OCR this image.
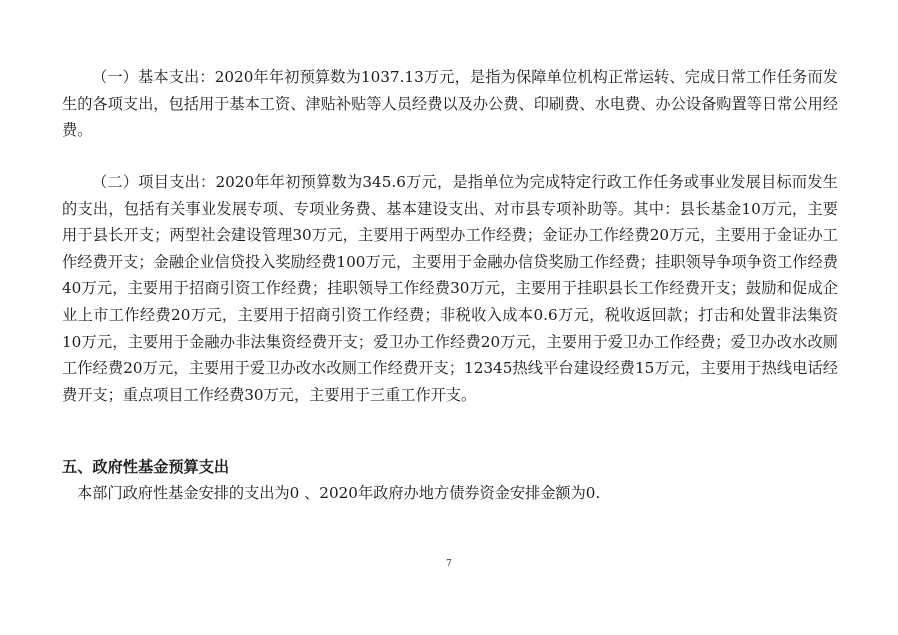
（一）基本支出：2020年年初预算数为1037.13万元，是指为保障单位机构正常运转、完成日常工作任务而发生的各项支出，包括用于基本工资、津贴补贴等人员经费以及办公费、印刷费、水电费、办公设备购置等日常公用经费。

（二）项目支出：2020年年初预算数为345.6万元，是指单位为完成特定行政工作任务或事业发展目标而发生的支出，包括有关事业发展专项、专项业务费、基本建设支出、对市县专项补助等。其中：县长基金10万元，主要用于县长开支；两型社会建设管理30万元，主要用于两型办工作经费；金证办工作经费20万元，主要用于金证办工作经费开支；金融企业信贷投入奖励经费100万元，主要用于金融办信贷奖励工作经费；挂职领导争项争资工作经费40万元，主要用于招商引资工作经费；挂职领导工作经费30万元，主要用于挂职县长工作经费开支；鼓励和促成企业上市工作经费20万元，主要用于招商引资工作经费；非税收入成本0.6万元，税收返回款；打击和处置非法集资10万元，主要用于金融办非法集资经费开支；爱卫办工作经费20万元，主要用于爱卫办工作经费；爱卫办改水改厕工作经费20万元，主要用于爱卫办改水改厕工作经费开支；12345热线平台建设经费15万元，主要用于热线电话经费开支；重点项目工作经费30万元，主要用于三重工作开支。

五、政府性基金预算支出

本部门政府性基金安排的支出为0 、2020年政府办地方债券资金安排金额为0.

7
